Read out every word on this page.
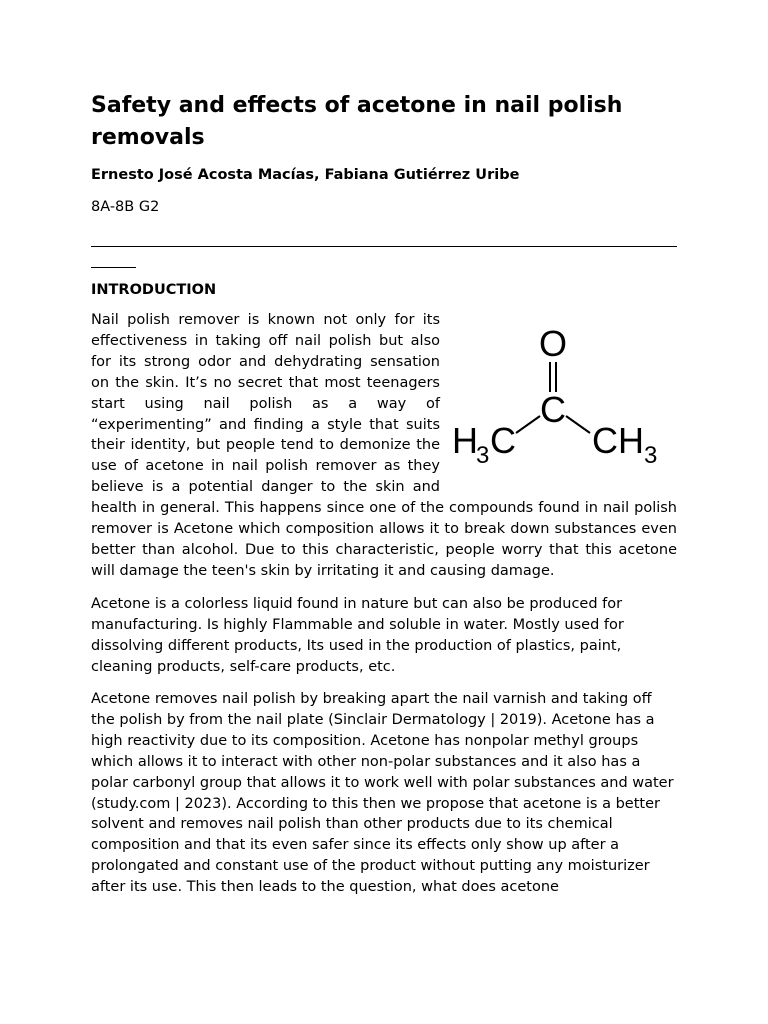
Safety and effects of acetone in nail polish removals

Ernesto José Acosta Macías, Fabiana Gutiérrez Uribe

8A-8B G2

INTRODUCTION
O
C
H
3 C CH 3
Nail polish remover is known not only for its effectiveness in taking off nail polish but also for its strong odor and dehydrating sensation on the skin. It’s no secret that most teenagers start using nail polish as a way of “experimenting” and finding a style that suits their identity, but people tend to demonize the use of acetone in nail polish remover as they believe is a potential danger to the skin and health in general. This happens since one of the compounds found in nail polish remover is Acetone which composition allows it to break down substances even better than alcohol. Due to this characteristic, people worry that this acetone will damage the teen's skin by irritating it and causing damage.

Acetone is a colorless liquid found in nature but can also be produced for manufacturing. Is highly Flammable and soluble in water. Mostly used for dissolving different products, Its used in the production of plastics, paint, cleaning products, self-care products, etc.

Acetone removes nail polish by breaking apart the nail varnish and taking off the polish by from the nail plate (Sinclair Dermatology | 2019). Acetone has a high reactivity due to its composition. Acetone has nonpolar methyl groups which allows it to interact with other non-polar substances and it also has a polar carbonyl group that allows it to work well with polar substances and water (study.com | 2023). According to this then we propose that acetone is a better solvent and removes nail polish than other products due to its chemical composition and that its even safer since its effects only show up after a prolongated and constant use of the product without putting any moisturizer after its use. This then leads to the question, what does acetone
